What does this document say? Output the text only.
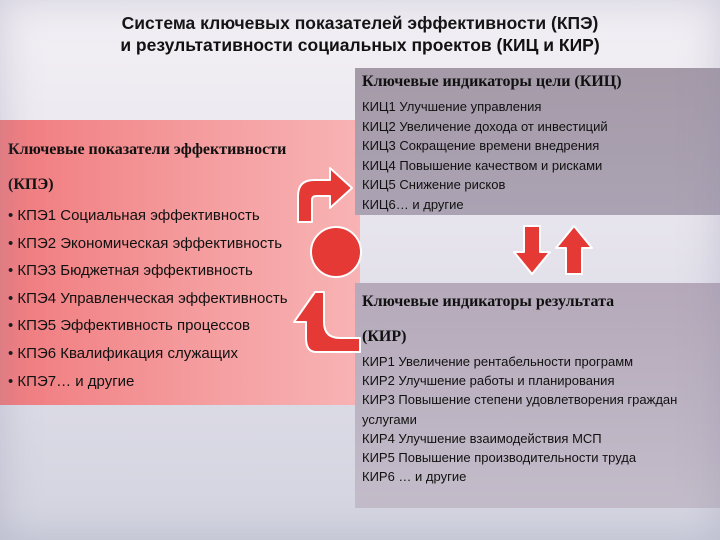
Система ключевых показателей эффективности (КПЭ)
и результативности социальных проектов (КИЦ и КИР)
Ключевые показатели эффективности
(КПЭ)
• КПЭ1 Социальная эффективность
• КПЭ2 Экономическая эффективность
• КПЭ3 Бюджетная эффективность
• КПЭ4 Управленческая эффективность
• КПЭ5 Эффективность процессов
• КПЭ6 Квалификация служащих
• КПЭ7… и другие
Ключевые индикаторы цели (КИЦ)
КИЦ1 Улучшение управления
КИЦ2 Увеличение дохода от инвестиций
КИЦ3 Сокращение времени внедрения
КИЦ4 Повышение качеством и рисками
КИЦ5 Снижение рисков
КИЦ6… и другие
Ключевые индикаторы результата
(КИР)
КИР1 Увеличение рентабельности программ
КИР2 Улучшение работы и планирования
КИР3 Повышение степени удовлетворения граждан услугами
КИР4 Улучшение взаимодействия МСП
КИР5 Повышение производительности труда
КИР6 … и другие
